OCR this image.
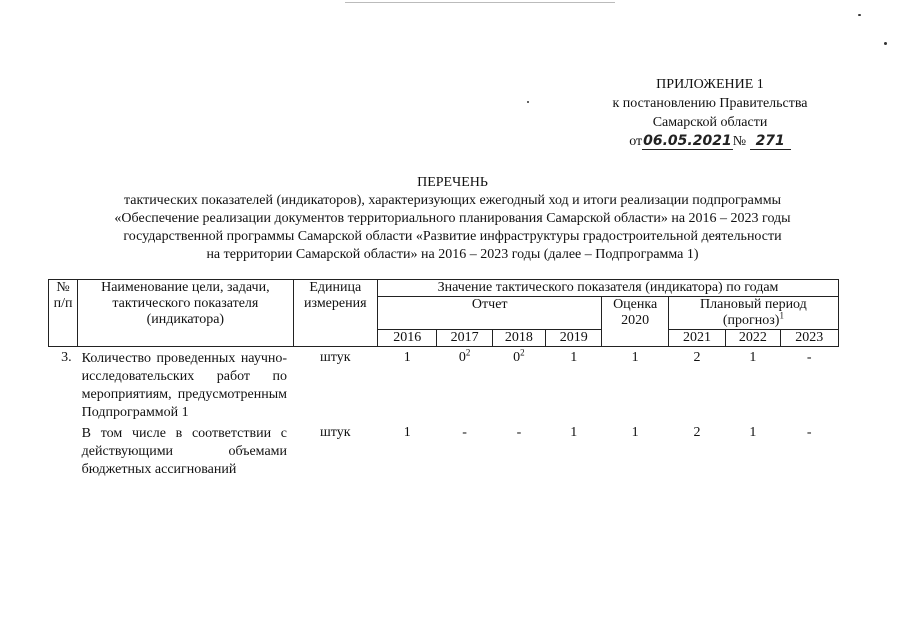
ПРИЛОЖЕНИЕ 1
к постановлению Правительства
Самарской области
от06.05.2021№ 271
ПЕРЕЧЕНЬ
тактических показателей (индикаторов), характеризующих ежегодный ход и итоги реализации подпрограммы
«Обеспечение реализации документов территориального планирования Самарской области» на 2016 – 2023 годы
государственной программы Самарской области «Развитие инфраструктуры градостроительной деятельности
на территории Самарской области» на 2016 – 2023 годы (далее – Подпрограмма 1)
№ п/п	Наименование цели, задачи, тактического показателя (индикатора)	Единица измерения	Значение тактического показателя (индикатора) по годам							
			Отчет				Оценка 2020	Плановый период (прогноз)$^1$
			2016	2017	2018	2019		2021	2022	2023
3.	Количество проведенных научно-исследовательских работ по мероприятиям, предусмотренным Подпрограммой 1	штук	1	$0^2$	$0^2$	1	1	2	1	-
	В том числе в соответствии с действующими объемами бюджетных ассигнований	штук	1	-	-	1	1	2	1	-
